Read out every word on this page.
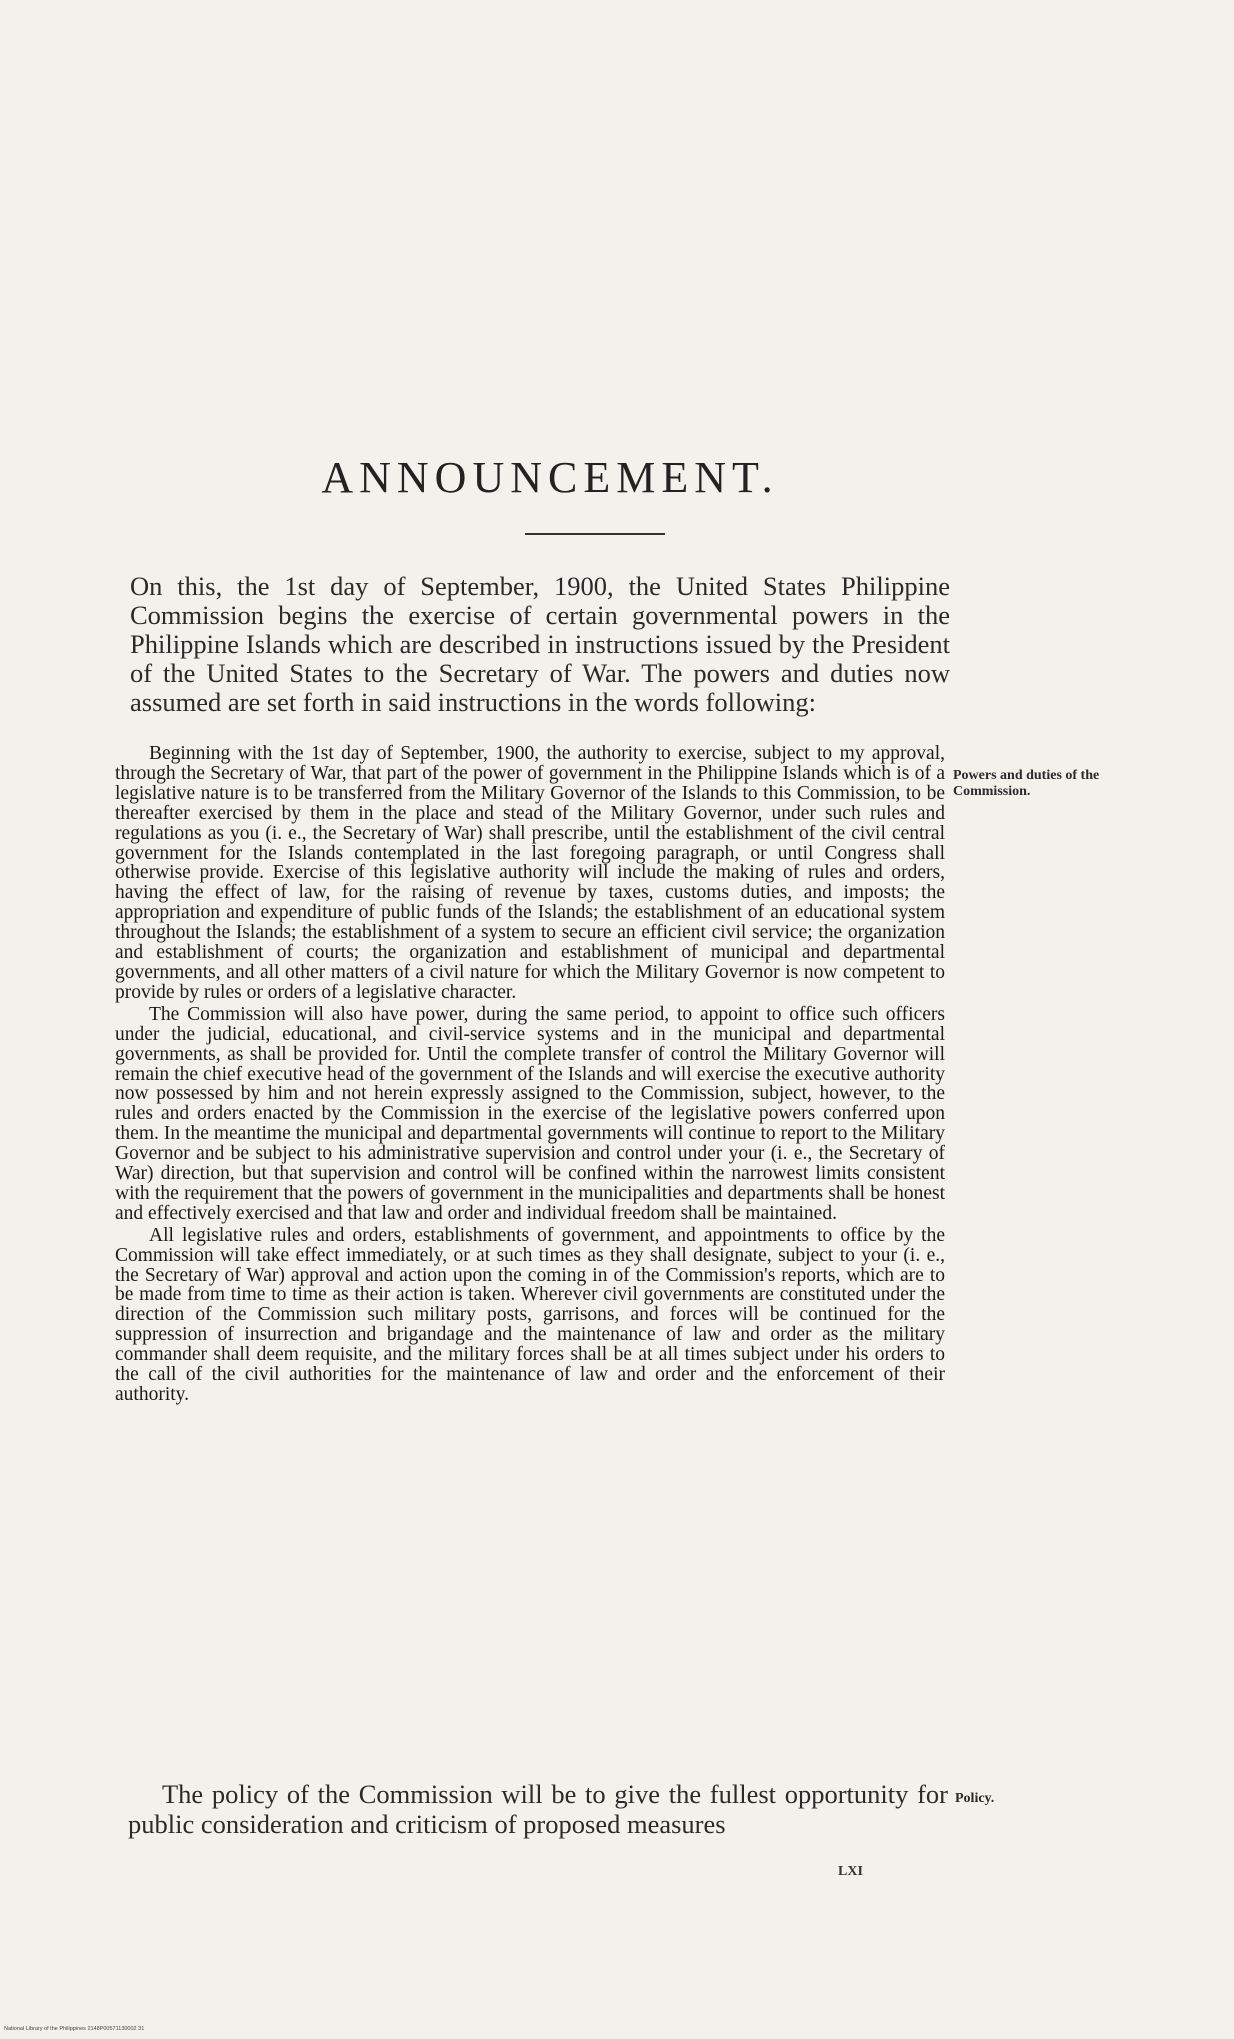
ANNOUNCEMENT.

On this, the 1st day of September, 1900, the United States Philippine Commission begins the exercise of certain governmental powers in the Philippine Islands which are described in instructions issued by the President of the United States to the Secretary of War. The powers and duties now assumed are set forth in said instructions in the words following:

Beginning with the 1st day of September, 1900, the authority to exercise, subject to my approval, through the Secretary of War, that part of the power of government in the Philippine Islands which is of a legislative nature is to be transferred from the Military Governor of the Islands to this Commission, to be thereafter exercised by them in the place and stead of the Military Governor, under such rules and regulations as you (i. e., the Secretary of War) shall prescribe, until the establishment of the civil central government for the Islands contemplated in the last foregoing paragraph, or until Congress shall otherwise provide. Exercise of this legislative authority will include the making of rules and orders, having the effect of law, for the raising of revenue by taxes, customs duties, and imposts; the appropriation and expenditure of public funds of the Islands; the establishment of an educational system throughout the Islands; the establishment of a system to secure an efficient civil service; the organization and establishment of courts; the organization and establishment of municipal and departmental governments, and all other matters of a civil nature for which the Military Governor is now competent to provide by rules or orders of a legislative character.

The Commission will also have power, during the same period, to appoint to office such officers under the judicial, educational, and civil-service systems and in the municipal and departmental governments, as shall be provided for. Until the complete transfer of control the Military Governor will remain the chief executive head of the government of the Islands and will exercise the executive authority now possessed by him and not herein expressly assigned to the Commission, subject, however, to the rules and orders enacted by the Commission in the exercise of the legislative powers conferred upon them. In the meantime the municipal and departmental governments will continue to report to the Military Governor and be subject to his administrative supervision and control under your (i. e., the Secretary of War) direction, but that supervision and control will be confined within the narrowest limits consistent with the requirement that the powers of government in the municipalities and departments shall be honest and effectively exercised and that law and order and individual freedom shall be maintained.

All legislative rules and orders, establishments of government, and appointments to office by the Commission will take effect immediately, or at such times as they shall designate, subject to your (i. e., the Secretary of War) approval and action upon the coming in of the Commission's reports, which are to be made from time to time as their action is taken. Wherever civil governments are constituted under the direction of the Commission such military posts, garrisons, and forces will be continued for the suppression of insurrection and brigandage and the maintenance of law and order as the military commander shall deem requisite, and the military forces shall be at all times subject under his orders to the call of the civil authorities for the maintenance of law and order and the enforcement of their authority.

Powers and duties of the Commission.

The policy of the Commission will be to give the fullest opportunity for public consideration and criticism of proposed measures

Policy.

LXI

National Library of the Philippines 2148P00571130002 31
